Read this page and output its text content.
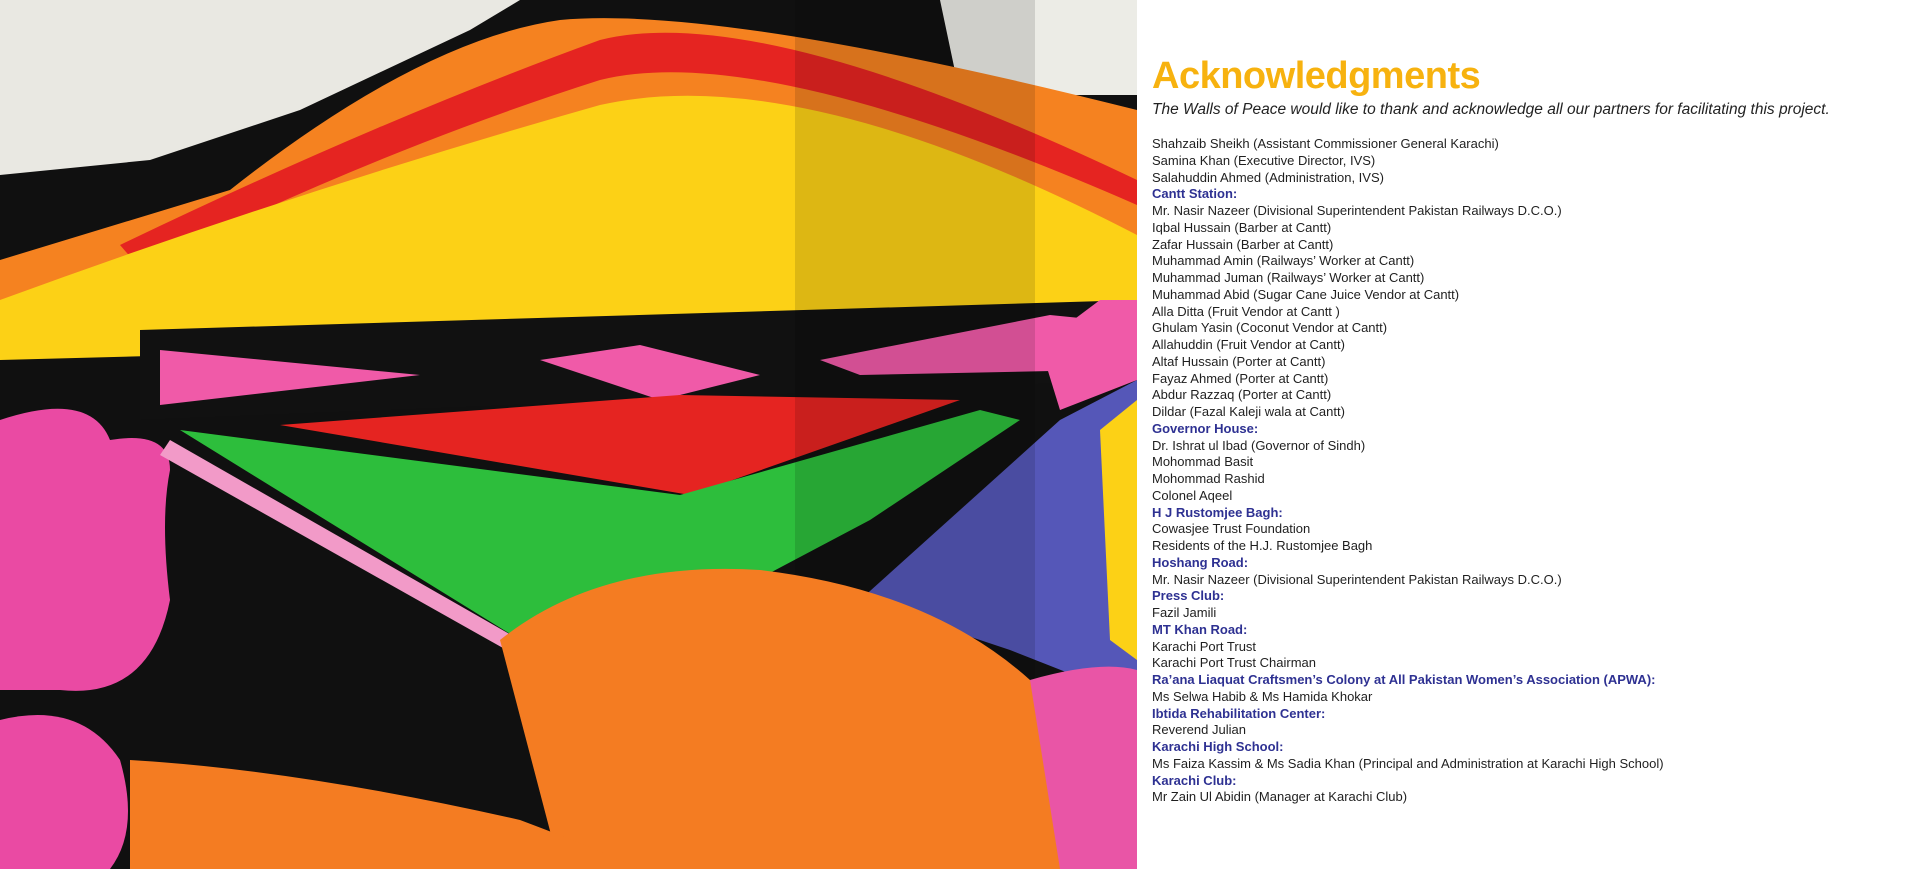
Acknowledgments

The Walls of Peace would like to thank and acknowledge all our partners for facilitating this project.

Shahzaib Sheikh (Assistant Commissioner General Karachi)
Samina Khan (Executive Director, IVS)
Salahuddin Ahmed (Administration, IVS)
Cantt Station:
Mr. Nasir Nazeer (Divisional Superintendent Pakistan Railways D.C.O.)
Iqbal Hussain (Barber at Cantt)
Zafar Hussain (Barber at Cantt)
Muhammad Amin (Railways’ Worker at Cantt)
Muhammad Juman (Railways’ Worker at Cantt)
Muhammad Abid (Sugar Cane Juice Vendor at Cantt)
Alla Ditta (Fruit Vendor at Cantt )
Ghulam Yasin (Coconut Vendor at Cantt)
Allahuddin (Fruit Vendor at Cantt)
Altaf Hussain (Porter at Cantt)
Fayaz Ahmed (Porter at Cantt)
Abdur Razzaq (Porter at Cantt)
Dildar (Fazal Kaleji wala at Cantt)
Governor House:
Dr. Ishrat ul Ibad (Governor of Sindh)
Mohommad Basit
Mohommad Rashid
Colonel Aqeel
H J Rustomjee Bagh:
Cowasjee Trust Foundation
Residents of the H.J. Rustomjee Bagh
Hoshang Road:
Mr. Nasir Nazeer (Divisional Superintendent Pakistan Railways D.C.O.)
Press Club:
Fazil Jamili
MT Khan Road:
Karachi Port Trust
Karachi Port Trust Chairman
Ra’ana Liaquat Craftsmen’s Colony at All Pakistan Women’s Association (APWA):
Ms Selwa Habib & Ms Hamida Khokar
Ibtida Rehabilitation Center:
Reverend Julian
Karachi High School:
Ms Faiza Kassim & Ms Sadia Khan (Principal and Administration at Karachi High School)
Karachi Club:
Mr Zain Ul Abidin (Manager at Karachi Club)
